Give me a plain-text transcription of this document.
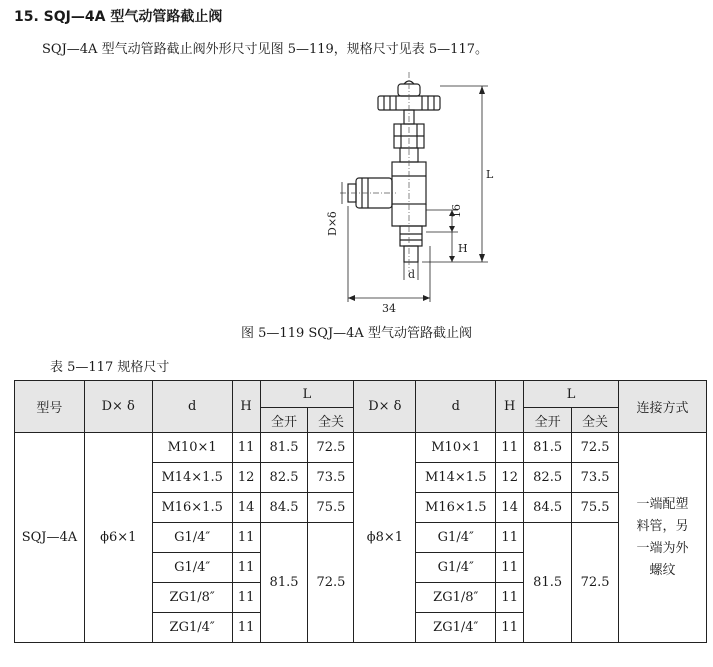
15. SQJ—4A 型气动管路截止阀
SQJ—4A 型气动管路截止阀外形尺寸见图 5—119，规格尺寸见表 5—117。
L
16
H
D×δ
d
34
图 5—119 SQJ—4A 型气动管路截止阀
表 5—117 规格尺寸
型号	D× δ	d	H	L		D× δ	d	H	L		连接方式
				全开	全关				全开	全关	
SQJ—4A	ϕ6×1	M10×1	11	81.5	72.5	ϕ8×1	M10×1	11	81.5	72.5	一端配塑料管，另一端为外螺纹
		M14×1.5	12	82.5	73.5		M14×1.5	12	82.5	73.5	
		M16×1.5	14	84.5	75.5		M16×1.5	14	84.5	75.5	
		G1/4″	11	81.5	72.5		G1/4″	11	81.5	72.5	
		G1/4″	11				G1/4″	11			
		ZG1/8″	11				ZG1/8″	11			
		ZG1/4″	11				ZG1/4″	11			
